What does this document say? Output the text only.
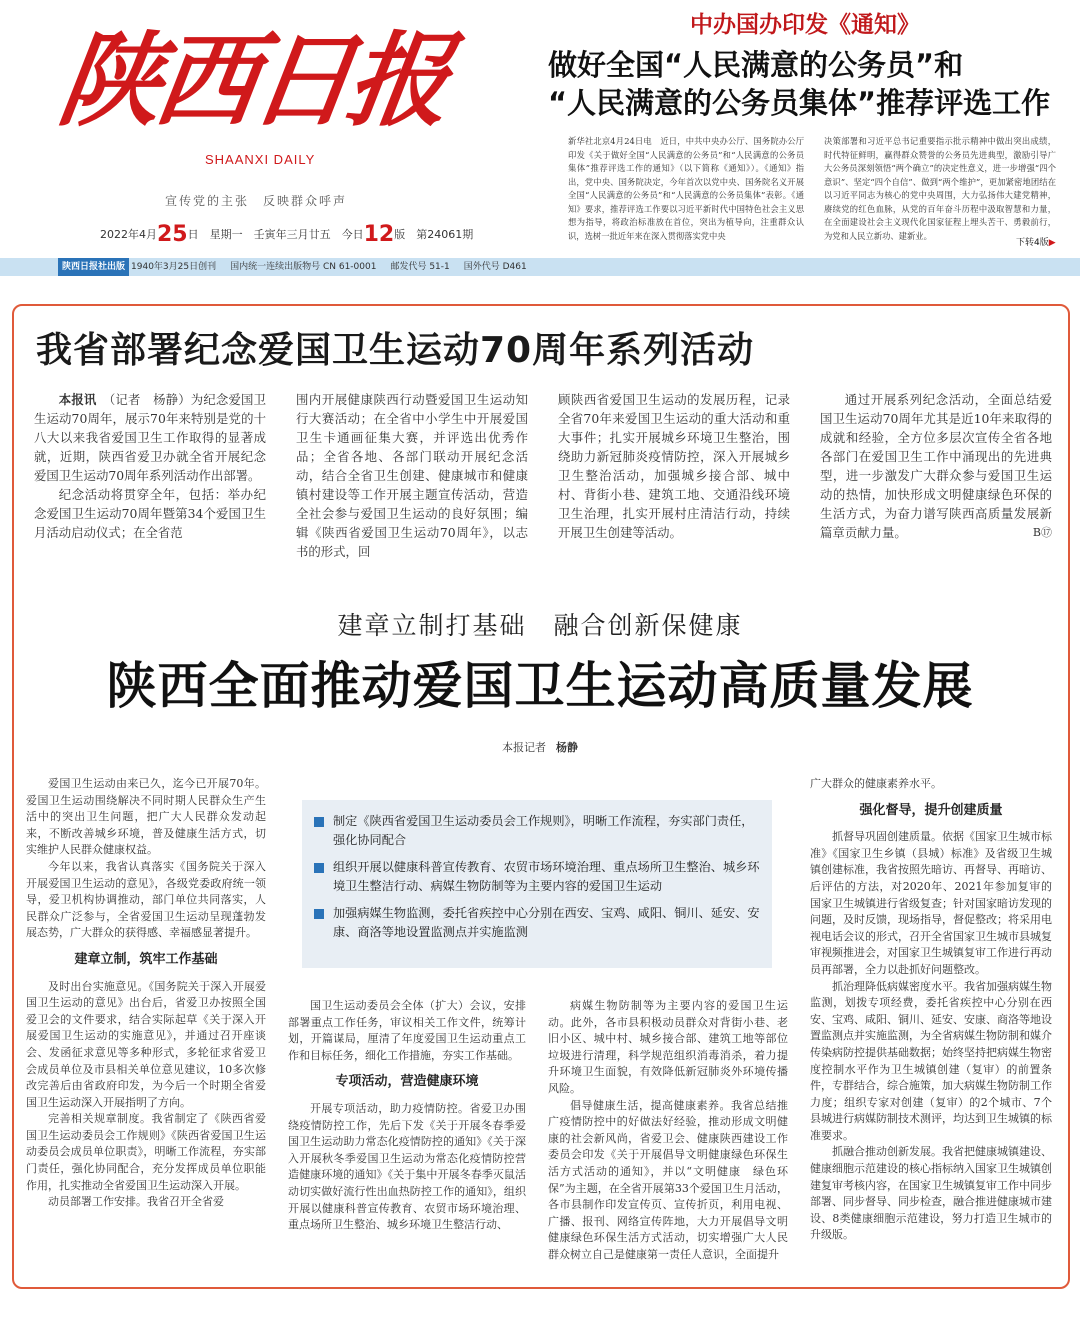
陕西日报
SHAANXI DAILY
宣传党的主张　反映群众呼声
2022年4月25日　星期一　壬寅年三月廿五　今日12版　第24061期
陕西日报社出版 1940年3月25日创刊 国内统一连续出版物号 CN 61-0001 邮发代号 51-1 国外代号 D461
中办国办印发《通知》
做好全国“人民满意的公务员”和
“人民满意的公务员集体”推荐评选工作
新华社北京4月24日电　近日，中共中央办公厅、国务院办公厅印发《关于做好全国“人民满意的公务员”和“人民满意的公务员集体”推荐评选工作的通知》（以下简称《通知》）。《通知》指出，党中央、国务院决定，今年首次以党中央、国务院名义开展全国“人民满意的公务员”和“人民满意的公务员集体”表彰。《通知》要求，推荐评选工作要以习近平新时代中国特色社会主义思想为指导，将政治标准放在首位，突出为植导向，注重群众认识，选树一批近年来在深入贯彻落实党中央
决策部署和习近平总书记重要指示批示精神中做出突出成绩，时代特征鲜明，赢得群众赞誉的公务员先进典型，激励引导广大公务员深刻领悟“两个确立”的决定性意义，进一步增强“四个意识”、坚定“四个自信”、做到“两个维护”，更加紧密地团结在以习近平同志为核心的党中央周围，大力弘扬伟大建党精神，赓续党的红色血脉，从党的百年奋斗历程中汲取智慧和力量，在全面建设社会主义现代化国家征程上埋头苦干、勇毅前行，为党和人民立新功、建新业。
下转4版▶
我省部署纪念爱国卫生运动70周年系列活动

本报讯　 （记者　杨静）为纪念爱国卫生运动70周年，展示70年来特别是党的十八大以来我省爱国卫生工作取得的显著成就，近期，陕西省爱卫办就全省开展纪念爱国卫生运动70周年系列活动作出部署。

纪念活动将贯穿全年，包括：举办纪念爱国卫生运动70周年暨第34个爱国卫生月活动启动仪式；在全省范

围内开展健康陕西行动暨爱国卫生运动知行大赛活动；在全省中小学生中开展爱国卫生卡通画征集大赛，并评选出优秀作品；全省各地、各部门联动开展纪念活动，结合全省卫生创建、健康城市和健康镇村建设等工作开展主题宣传活动，营造全社会参与爱国卫生运动的良好氛围；编辑《陕西省爱国卫生运动70周年》，以志书的形式，回
顾陕西省爱国卫生运动的发展历程，记录全省70年来爱国卫生运动的重大活动和重大事件；扎实开展城乡环境卫生整治，围绕助力新冠肺炎疫情防控，深入开展城乡卫生整治活动，加强城乡接合部、城中村、背街小巷、建筑工地、交通沿线环境卫生治理，扎实开展村庄清洁行动，持续开展卫生创建等活动。

通过开展系列纪念活动，全面总结爱国卫生运动70周年尤其是近10年来取得的成就和经验，全方位多层次宣传全省各地各部门在爱国卫生工作中涌现出的先进典型，进一步激发广大群众参与爱国卫生运动的热情，加快形成文明健康绿色环保的生活方式，为奋力谱写陕西高质量发展新篇章贡献力量。	B⑰
建章立制打基础　融合创新保健康
陕西全面推动爱国卫生运动高质量发展
本报记者 杨静

爱国卫生运动由来已久，迄今已开展70年。爱国卫生运动围绕解决不同时期人民群众生产生活中的突出卫生问题，把广大人民群众发动起来，不断改善城乡环境，普及健康生活方式，切实维护人民群众健康权益。

今年以来，我省认真落实《国务院关于深入开展爱国卫生运动的意见》，各级党委政府统一领导，爱卫机构协调推动，部门单位共同落实，人民群众广泛参与，全省爱国卫生运动呈现蓬勃发展态势，广大群众的获得感、幸福感显著提升。

建章立制，筑牢工作基础

及时出台实施意见。《国务院关于深入开展爱国卫生运动的意见》出台后，省爱卫办按照全国爱卫会的文件要求，结合实际起草《关于深入开展爱国卫生运动的实施意见》，并通过召开座谈会、发函征求意见等多种形式，多轮征求省爱卫会成员单位及市县相关单位意见建议，10多次修改完善后由省政府印发，为今后一个时期全省爱国卫生运动深入开展指明了方向。

完善相关规章制度。我省制定了《陕西省爱国卫生运动委员会工作规则》《陕西省爱国卫生运动委员会成员单位职责》，明晰工作流程，夯实部门责任，强化协同配合，充分发挥成员单位职能作用，扎实推动全省爱国卫生运动深入开展。

动员部署工作安排。我省召开全省爱

制定《陕西省爱国卫生运动委员会工作规则》，明晰工作流程，夯实部门责任，强化协同配合
组织开展以健康科普宣传教育、农贸市场环境治理、重点场所卫生整治、城乡环境卫生整洁行动、病媒生物防制等为主要内容的爱国卫生运动
加强病媒生物监测，委托省疾控中心分别在西安、宝鸡、咸阳、铜川、延安、安康、商洛等地设置监测点并实施监测

国卫生运动委员会全体（扩大）会议，安排部署重点工作任务，审议相关工作文件，统筹计划，开篇谋局，厘清了年度爱国卫生运动重点工作和目标任务，细化工作措施，夯实工作基础。

专项活动，营造健康环境

开展专项活动，助力疫情防控。省爱卫办围绕疫情防控工作，先后下发《关于开展冬春季爱国卫生运动助力常态化疫情防控的通知》《关于深入开展秋冬季爱国卫生运动为常态化疫情防控营造健康环境的通知》《关于集中开展冬春季灭鼠活动切实做好流行性出血热防控工作的通知》，组织开展以健康科普宣传教育、农贸市场环境治理、重点场所卫生整治、城乡环境卫生整洁行动、

病媒生物防制等为主要内容的爱国卫生运动。此外，各市县积极动员群众对背街小巷、老旧小区、城中村、城乡接合部、建筑工地等部位垃圾进行清理，科学规范组织消毒消杀，着力提升环境卫生面貌，有效降低新冠肺炎外环境传播风险。

倡导健康生活，提高健康素养。我省总结推广疫情防控中的好做法好经验，推动形成文明健康的社会新风尚，省爱卫会、健康陕西建设工作委员会印发《关于开展倡导文明健康绿色环保生活方式活动的通知》，并以“文明健康　绿色环保”为主题，在全省开展第33个爱国卫生月活动，各市县制作印发宣传页、宣传折页，利用电视、广播、报刊、网络宣传阵地，大力开展倡导文明健康绿色环保生活方式活动，切实增强广大人民群众树立自己是健康第一责任人意识，全面提升

广大群众的健康素养水平。
强化督导，提升创建质量

抓督导巩固创建质量。依据《国家卫生城市标准》《国家卫生乡镇（县城）标准》及省级卫生城镇创建标准，我省按照先暗访、再督导、再暗访、后评估的方法，对2020年、2021年参加复审的国家卫生城镇进行省级复查；针对国家暗访发现的问题，及时反馈，现场指导，督促整改；将采用电视电话会议的形式，召开全省国家卫生城市县城复审视频推进会，对国家卫生城镇复审工作进行再动员再部署，全力以赴抓好问题整改。

抓治理降低病媒密度水平。我省加强病媒生物监测，划拨专项经费，委托省疾控中心分别在西安、宝鸡、咸阳、铜川、延安、安康、商洛等地设置监测点并实施监测，为全省病媒生物防制和媒介传染病防控提供基础数据；始终坚持把病媒生物密度控制水平作为卫生城镇创建（复审）的前置条件，专群结合，综合施策，加大病媒生物防制工作力度；组织专家对创建（复审）的2个城市、7个县城进行病媒防制技术测评，均达到卫生城镇的标准要求。

抓融合推动创新发展。我省把健康城镇建设、健康细胞示范建设的核心指标纳入国家卫生城镇创建复审考核内容，在国家卫生城镇复审工作中同步部署、同步督导、同步检查，融合推进健康城市建设、8类健康细胞示范建设，努力打造卫生城市的升级版。
